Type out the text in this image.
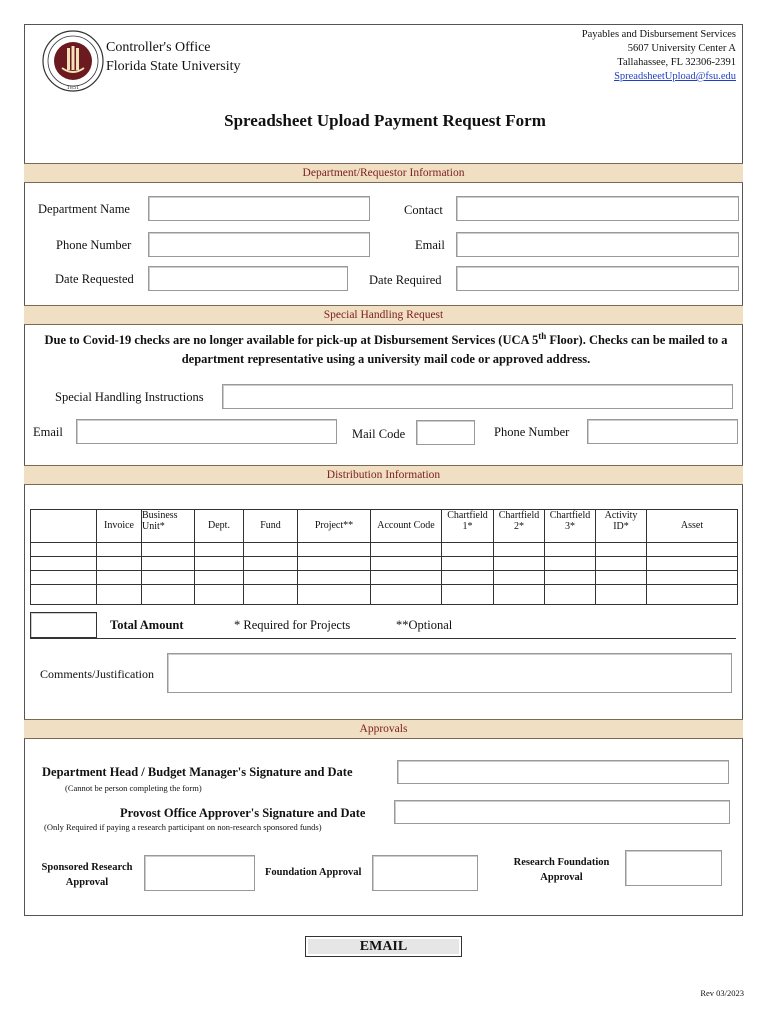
1851
Controller's Office
Florida State University
Payables and Disbursement Services
5607 University Center A
Tallahassee, FL 32306-2391
SpreadsheetUpload@fsu.edu
Spreadsheet Upload Payment Request Form
Department/Requestor Information
Department Name	Contact
Phone Number	Email
Date Requested	Date Required
Special Handling Request
Due to Covid-19 checks are no longer available for pick-up at Disbursement Services (UCA 5th Floor). Checks can be mailed to a department representative using a university mail code or approved address.
Special Handling Instructions
Email	Mail Code	Phone Number
Distribution Information
	Invoice	Business Unit*	Dept.	Fund	Project**	Account Code	Chartfield 1*	Chartfield 2*	Chartfield 3*	Activity ID*	Asset

Total Amount	* Required for Projects	**Optional
Comments/Justification
Approvals
Department Head / Budget Manager's Signature and Date
(Cannot be person completing the form)
Provost Office Approver's Signature and Date
(Only Required if paying a research participant on non-research sponsored funds)
Sponsored Research Approval
Foundation Approval
Research Foundation Approval
EMAIL
Rev 03/2023
